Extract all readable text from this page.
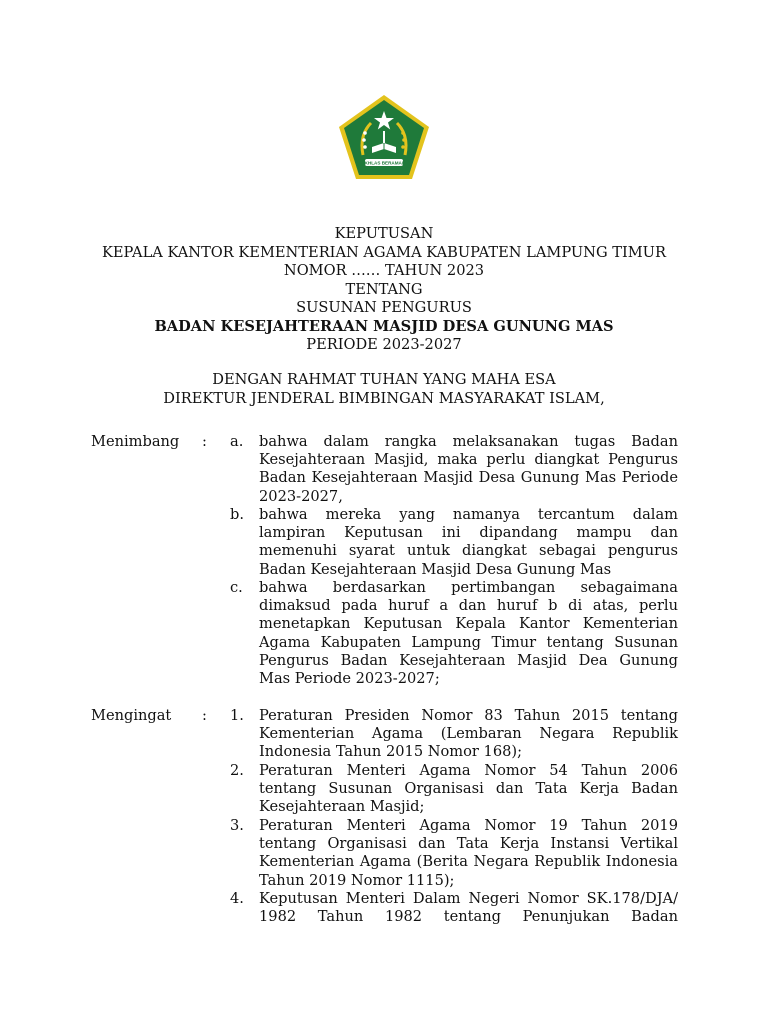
IKHLAS BERAMAL
KEPUTUSAN
KEPALA KANTOR KEMENTERIAN AGAMA KABUPATEN LAMPUNG TIMUR
NOMOR …… TAHUN 2023
TENTANG
SUSUNAN PENGURUS
BADAN KESEJAHTERAAN MASJID DESA GUNUNG MAS
PERIODE 2023-2027
DENGAN RAHMAT TUHAN YANG MAHA ESA
DIREKTUR JENDERAL BIMBINGAN MASYARAKAT ISLAM,
Menimbang : a. bahwa dalam rangka melaksanakan tugas Badan
Kesejahteraan Masjid, maka perlu diangkat Pengurus
Badan Kesejahteraan Masjid Desa Gunung Mas Periode
2023-2027,
b. bahwa mereka yang namanya tercantum dalam
lampiran Keputusan ini dipandang mampu dan
memenuhi syarat untuk diangkat sebagai pengurus
Badan Kesejahteraan Masjid Desa Gunung Mas
c. bahwa berdasarkan pertimbangan sebagaimana
dimaksud pada huruf a dan huruf b di atas, perlu
menetapkan Keputusan Kepala Kantor Kementerian
Agama Kabupaten Lampung Timur tentang Susunan
Pengurus Badan Kesejahteraan Masjid Dea Gunung
Mas Periode 2023-2027;
Mengingat : 1. Peraturan Presiden Nomor 83 Tahun 2015 tentang
Kementerian Agama (Lembaran Negara Republik
Indonesia Tahun 2015 Nomor 168);
2. Peraturan Menteri Agama Nomor 54 Tahun 2006
tentang Susunan Organisasi dan Tata Kerja Badan
Kesejahteraan Masjid;
3. Peraturan Menteri Agama Nomor 19 Tahun 2019
tentang Organisasi dan Tata Kerja Instansi Vertikal
Kementerian Agama (Berita Negara Republik Indonesia
Tahun 2019 Nomor 1115);
4. Keputusan Menteri Dalam Negeri Nomor SK.178/DJA/
1982 Tahun 1982 tentang Penunjukan Badan
